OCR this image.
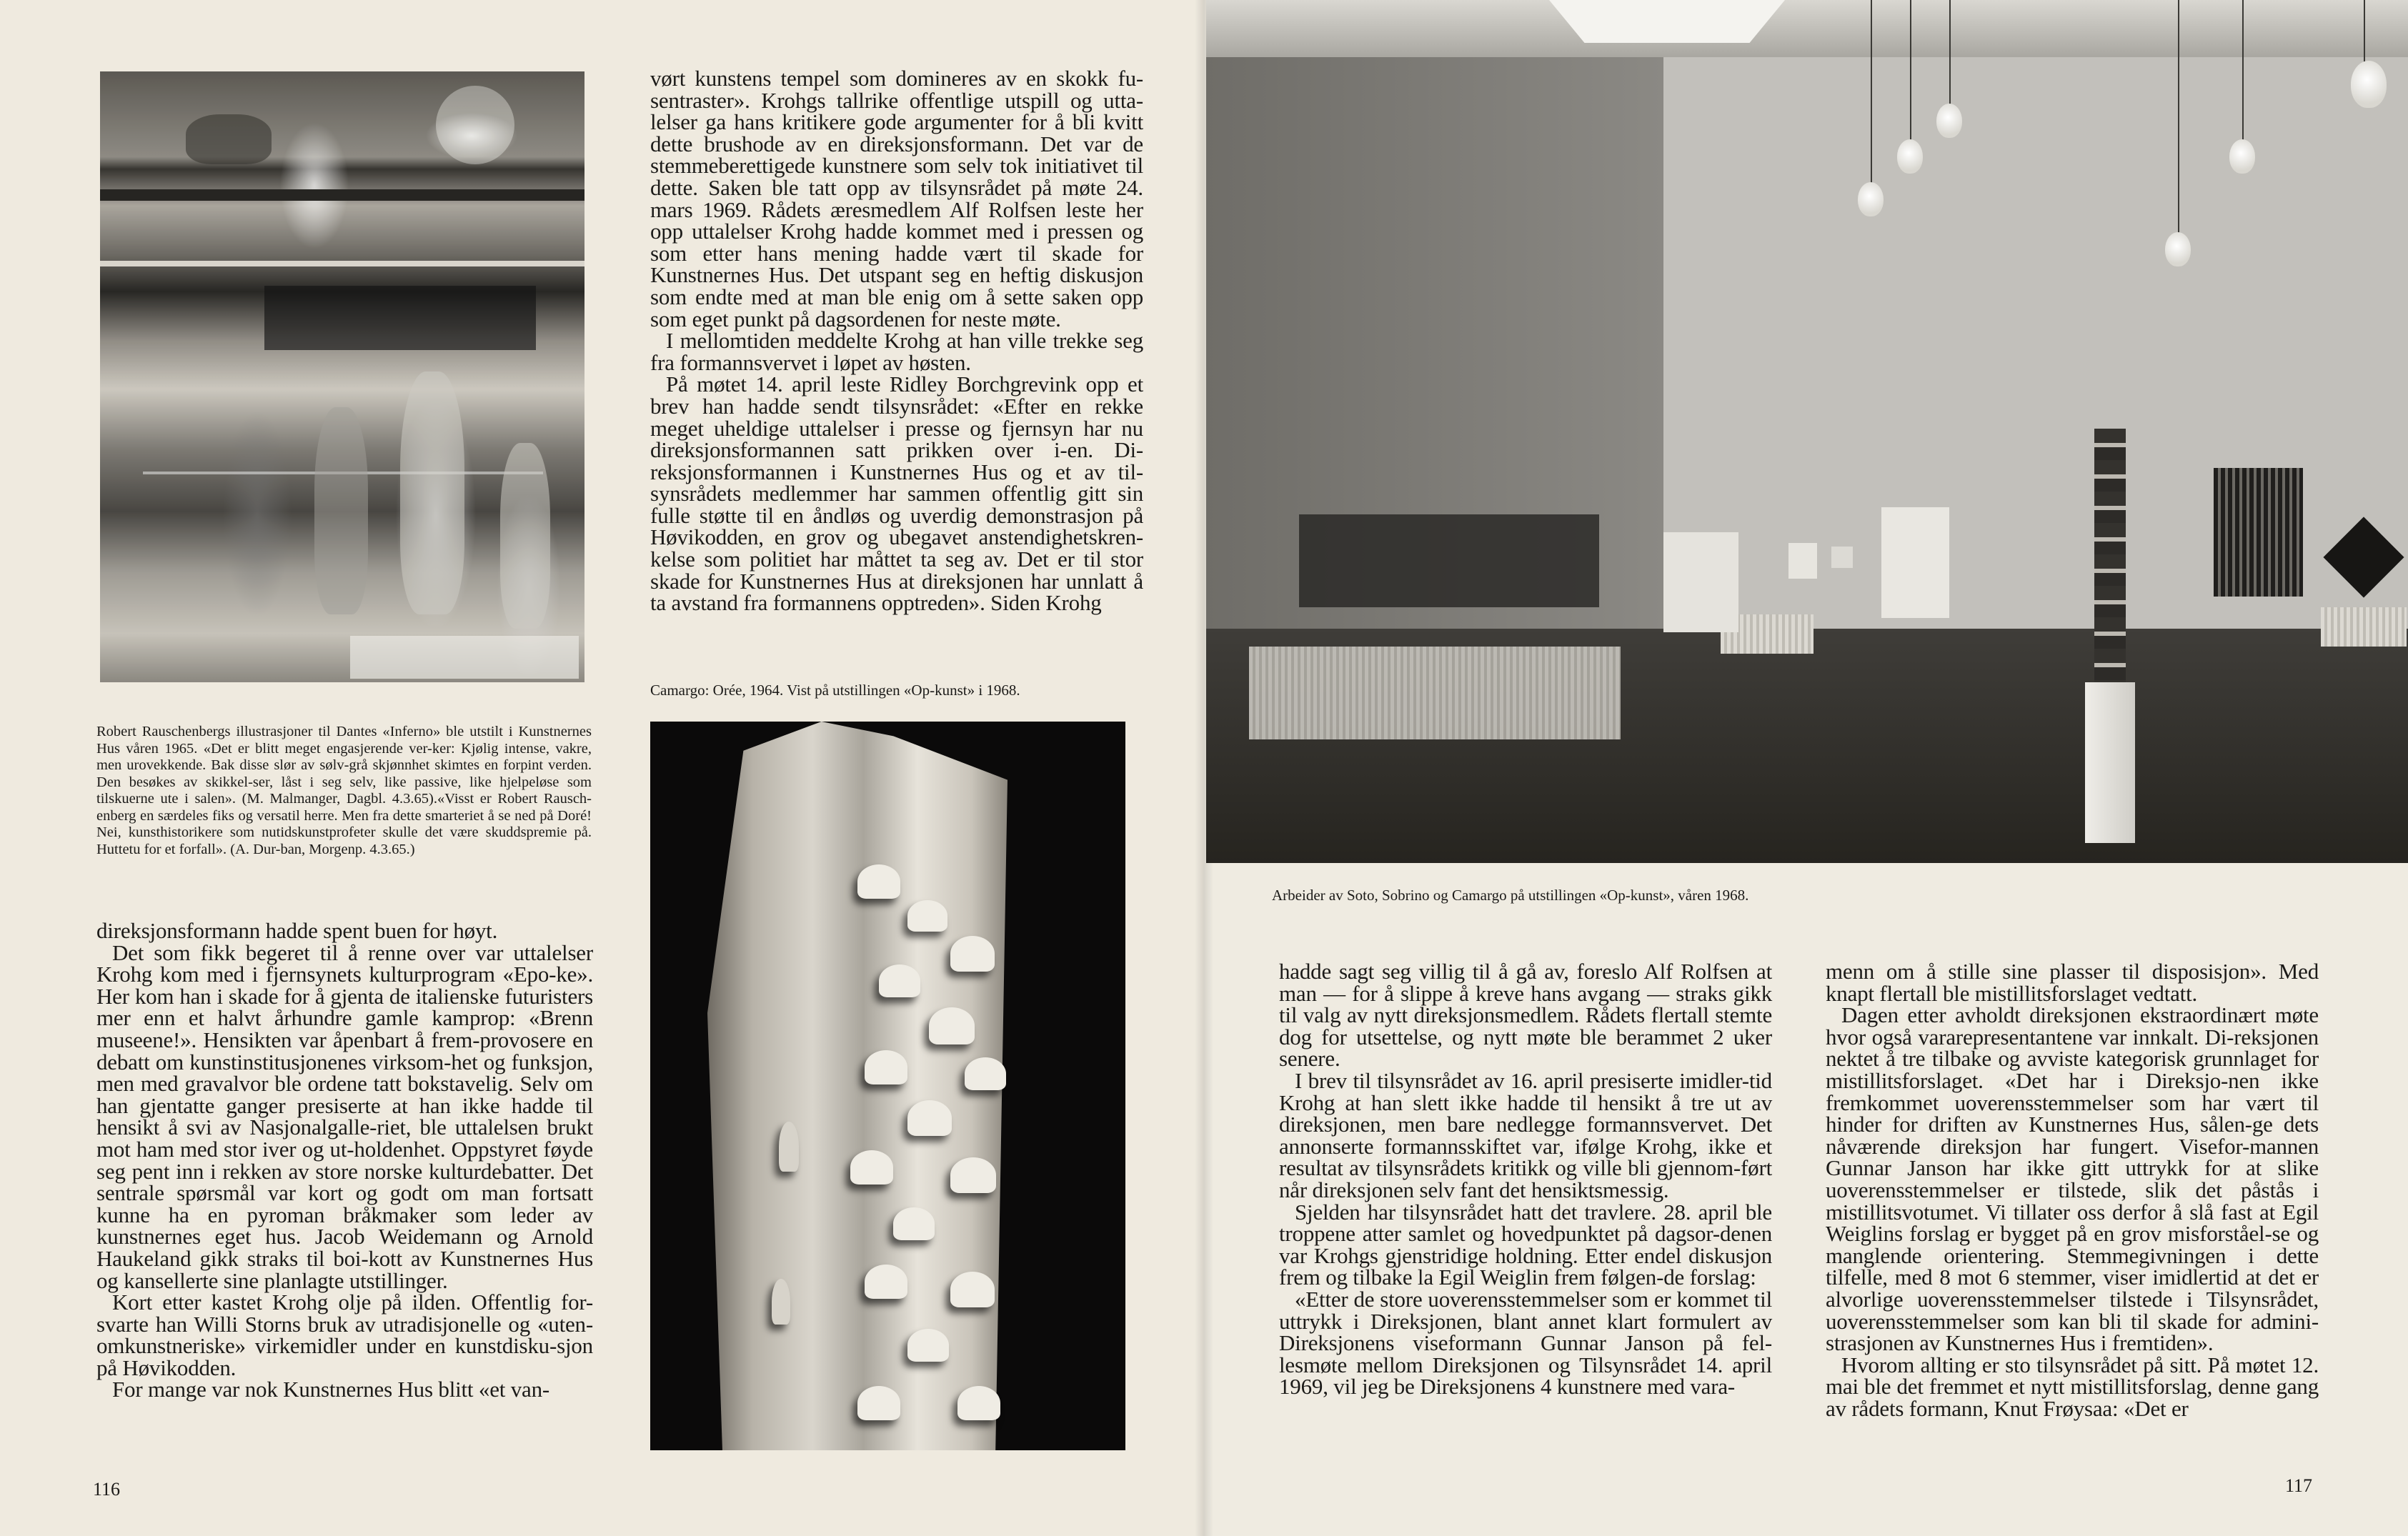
Robert Rauschenbergs illustrasjoner til Dantes «Inferno» ble utstilt i Kunstnernes Hus våren 1965. «Det er blitt meget engasjerende ver-ker: Kjølig intense, vakre, men urovekkende. Bak disse slør av sølv-grå skjønnhet skimtes en forpint verden. Den besøkes av skikkel-ser, låst i seg selv, like passive, like hjelpeløse som tilskuerne ute i salen». (M. Malmanger, Dagbl. 4.3.65).«Visst er Robert Rausch-enberg en særdeles fiks og versatil herre. Men fra dette smarteriet å se ned på Doré! Nei, kunsthistorikere som nutidskunstprofeter skulle det være skuddspremie på. Huttetu for et forfall». (A. Dur-ban, Morgenp. 4.3.65.)

direksjonsformann hadde spent buen for høyt.

Det som fikk begeret til å renne over var uttalelser Krohg kom med i fjernsynets kulturprogram «Epo-ke». Her kom han i skade for å gjenta de italienske futuristers mer enn et halvt århundre gamle kamprop: «Brenn museene!». Hensikten var åpenbart å frem-provosere en debatt om kunstinstitusjonenes virksom-het og funksjon, men med gravalvor ble ordene tatt bokstavelig. Selv om han gjentatte ganger presiserte at han ikke hadde til hensikt å svi av Nasjonalgalle-riet, ble uttalelsen brukt mot ham med stor iver og ut-holdenhet. Oppstyret føyde seg pent inn i rekken av store norske kulturdebatter. Det sentrale spørsmål var kort og godt om man fortsatt kunne ha en pyroman bråkmaker som leder av kunstnernes eget hus. Jacob Weidemann og Arnold Haukeland gikk straks til boi-kott av Kunstnernes Hus og kansellerte sine planlagte utstillinger.

Kort etter kastet Krohg olje på ilden. Offentlig for-svarte han Willi Storns bruk av utradisjonelle og «uten-omkunstneriske» virkemidler under en kunstdisku-sjon på Høvikodden.

For mange var nok Kunstnernes Hus blitt «et van-

vørt kunstens tempel som domineres av en skokk fu-sentraster». Krohgs tallrike offentlige utspill og utta-lelser ga hans kritikere gode argumenter for å bli kvitt dette brushode av en direksjonsformann. Det var de stemmeberettigede kunstnere som selv tok initiativet til dette. Saken ble tatt opp av tilsynsrådet på møte 24. mars 1969. Rådets æresmedlem Alf Rolfsen leste her opp uttalelser Krohg hadde kommet med i pressen og som etter hans mening hadde vært til skade for Kunstnernes Hus. Det utspant seg en heftig diskusjon som endte med at man ble enig om å sette saken opp som eget punkt på dagsordenen for neste møte.

I mellomtiden meddelte Krohg at han ville trekke seg fra formannsvervet i løpet av høsten.

På møtet 14. april leste Ridley Borchgrevink opp et brev han hadde sendt tilsynsrådet: «Efter en rekke meget uheldige uttalelser i presse og fjernsyn har nu direksjonsformannen satt prikken over i-en. Di-reksjonsformannen i Kunstnernes Hus og et av til-synsrådets medlemmer har sammen offentlig gitt sin fulle støtte til en åndløs og uverdig demonstrasjon på Høvikodden, en grov og ubegavet anstendighetskren-kelse som politiet har måttet ta seg av. Det er til stor skade for Kunstnernes Hus at direksjonen har unnlatt å ta avstand fra formannens opptreden». Siden Krohg

Camargo: Orée, 1964. Vist på utstillingen «Op-kunst» i 1968.
Arbeider av Soto, Sobrino og Camargo på utstillingen «Op-kunst», våren 1968.

hadde sagt seg villig til å gå av, foreslo Alf Rolfsen at man — for å slippe å kreve hans avgang — straks gikk til valg av nytt direksjonsmedlem. Rådets flertall stemte dog for utsettelse, og nytt møte ble berammet 2 uker senere.

I brev til tilsynsrådet av 16. april presiserte imidler-tid Krohg at han slett ikke hadde til hensikt å tre ut av direksjonen, men bare nedlegge formannsvervet. Det annonserte formannsskiftet var, ifølge Krohg, ikke et resultat av tilsynsrådets kritikk og ville bli gjennom-ført når direksjonen selv fant det hensiktsmessig.

Sjelden har tilsynsrådet hatt det travlere. 28. april ble troppene atter samlet og hovedpunktet på dagsor-denen var Krohgs gjenstridige holdning. Etter endel diskusjon frem og tilbake la Egil Weiglin frem følgen-de forslag:

«Etter de store uoverensstemmelser som er kommet til uttrykk i Direksjonen, blant annet klart formulert av Direksjonens viseformann Gunnar Janson på fel-lesmøte mellom Direksjonen og Tilsynsrådet 14. april 1969, vil jeg be Direksjonens 4 kunstnere med vara-

menn om å stille sine plasser til disposisjon». Med knapt flertall ble mistillitsforslaget vedtatt.

Dagen etter avholdt direksjonen ekstraordinært møte hvor også vararepresentantene var innkalt. Di-reksjonen nektet å tre tilbake og avviste kategorisk grunnlaget for mistillitsforslaget. «Det har i Direksjo-nen ikke fremkommet uoverensstemmelser som har vært til hinder for driften av Kunstnernes Hus, sålen-ge dets nåværende direksjon har fungert. Visefor-mannen Gunnar Janson har ikke gitt uttrykk for at slike uoverensstemmelser er tilstede, slik det påstås i mistillitsvotumet. Vi tillater oss derfor å slå fast at Egil Weiglins forslag er bygget på en grov misforståel-se og manglende orientering. Stemmegivningen i dette tilfelle, med 8 mot 6 stemmer, viser imidlertid at det er alvorlige uoverensstemmelser tilstede i Tilsynsrådet, uoverensstemmelser som kan bli til skade for admini-strasjonen av Kunstnernes Hus i fremtiden».

Hvorom allting er sto tilsynsrådet på sitt. På møtet 12. mai ble det fremmet et nytt mistillitsforslag, denne gang av rådets formann, Knut Frøysaa: «Det er

116	117
